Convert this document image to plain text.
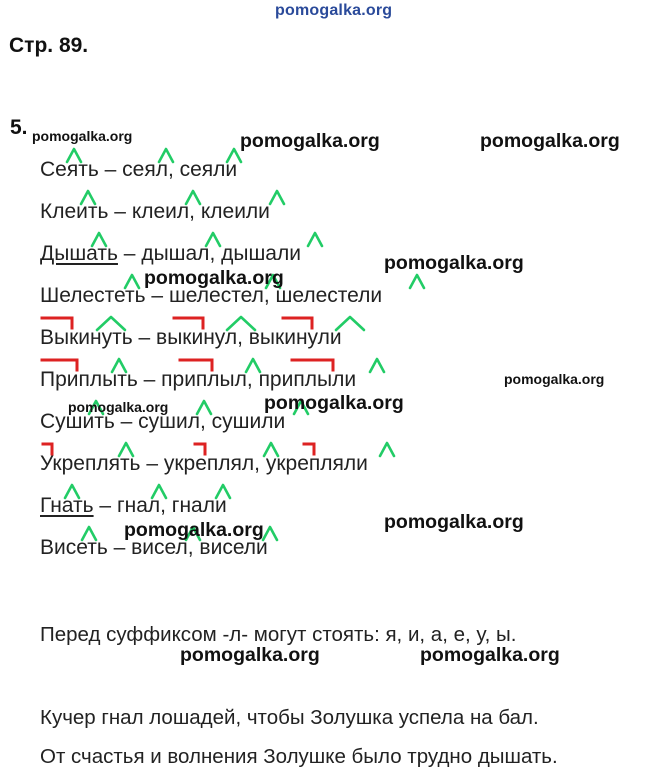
pomogalka.org
Стр. 89.
5.
Сеять – сеял, сеяли
Клеить – клеил, клеили
Дышать – дышал, дышали
Шелестеть – шелестел, шелестели
Выкинуть – выкинул, выкинули
Приплыть – приплыл, приплыли
Сушить – сушил, сушили
Укреплять – укреплял, укрепляли
Гнать – гнал, гнали
Висеть – висел, висели
Перед суффиксом -л- могут стоять: я, и, а, е, у, ы.
Кучер гнал лошадей, чтобы Золушка успела на бал.
От счастья и волнения Золушке было трудно дышать.
pomogalka.org	pomogalka.org	pomogalka.org
pomogalka.org
pomogalka.org
pomogalka.org
pomogalka.org	pomogalka.org
pomogalka.org
pomogalka.org
pomogalka.org	pomogalka.org
